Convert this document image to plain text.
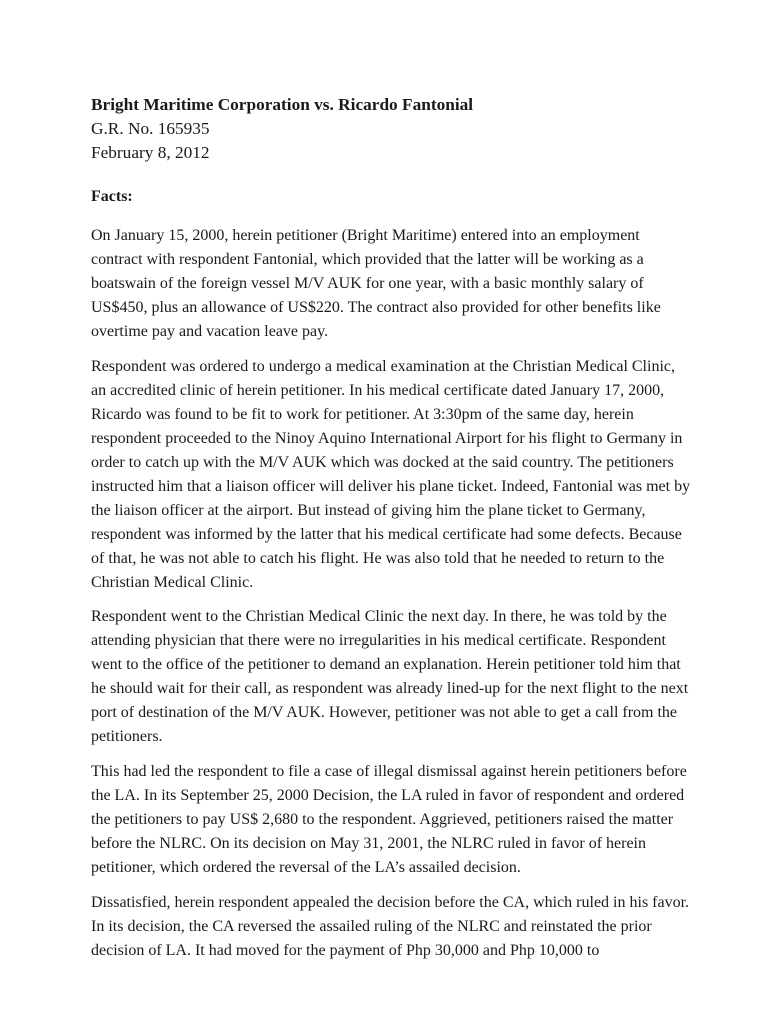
Bright Maritime Corporation vs. Ricardo Fantonial

G.R. No. 165935

February 8, 2012

Facts:

On January 15, 2000, herein petitioner (Bright Maritime) entered into an employment contract with respondent Fantonial, which provided that the latter will be working as a boatswain of the foreign vessel M/V AUK for one year, with a basic monthly salary of US$450, plus an allowance of US$220. The contract also provided for other benefits like overtime pay and vacation leave pay.

Respondent was ordered to undergo a medical examination at the Christian Medical Clinic, an accredited clinic of herein petitioner. In his medical certificate dated January 17, 2000, Ricardo was found to be fit to work for petitioner. At 3:30pm of the same day, herein respondent proceeded to the Ninoy Aquino International Airport for his flight to Germany in order to catch up with the M/V AUK which was docked at the said country. The petitioners instructed him that a liaison officer will deliver his plane ticket. Indeed, Fantonial was met by the liaison officer at the airport. But instead of giving him the plane ticket to Germany, respondent was informed by the latter that his medical certificate had some defects. Because of that, he was not able to catch his flight. He was also told that he needed to return to the Christian Medical Clinic.

Respondent went to the Christian Medical Clinic the next day. In there, he was told by the attending physician that there were no irregularities in his medical certificate. Respondent went to the office of the petitioner to demand an explanation. Herein petitioner told him that he should wait for their call, as respondent was already lined-up for the next flight to the next port of destination of the M/V AUK. However, petitioner was not able to get a call from the petitioners.

This had led the respondent to file a case of illegal dismissal against herein petitioners before the LA. In its September 25, 2000 Decision, the LA ruled in favor of respondent and ordered the petitioners to pay US$ 2,680 to the respondent. Aggrieved, petitioners raised the matter before the NLRC. On its decision on May 31, 2001, the NLRC ruled in favor of herein petitioner, which ordered the reversal of the LA’s assailed decision.

Dissatisfied, herein respondent appealed the decision before the CA, which ruled in his favor. In its decision, the CA reversed the assailed ruling of the NLRC and reinstated the prior decision of LA. It had moved for the payment of Php 30,000 and Php 10,000 to
